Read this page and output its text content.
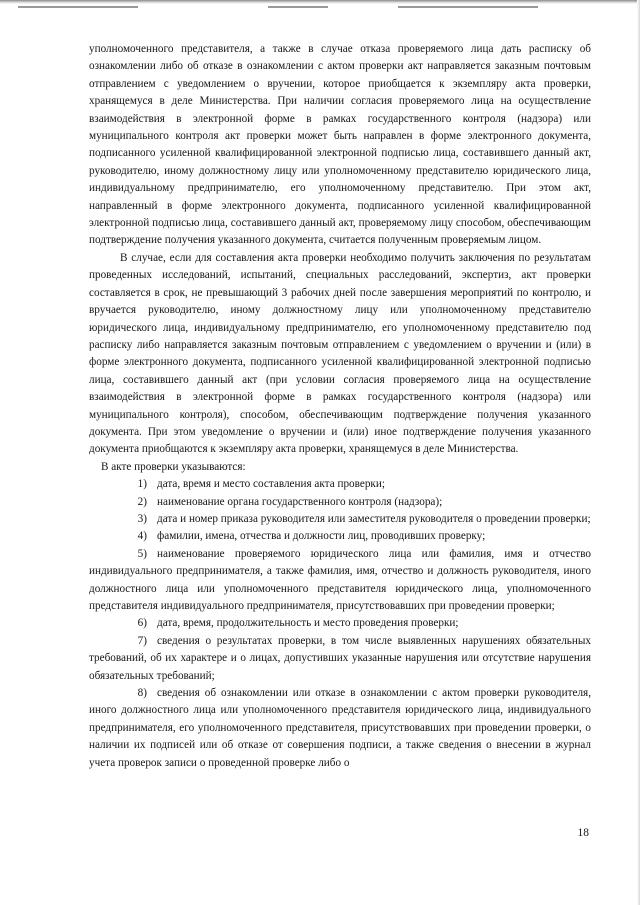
уполномоченного представителя, а также в случае отказа проверяемого лица дать расписку об ознакомлении либо об отказе в ознакомлении с актом проверки акт направляется заказным почтовым отправлением с уведомлением о вручении, которое приобщается к экземпляру акта проверки, хранящемуся в деле Министерства. При наличии согласия проверяемого лица на осуществление взаимодействия в электронной форме в рамках государственного контроля (надзора) или муниципального контроля акт проверки может быть направлен в форме электронного документа, подписанного усиленной квалифицированной электронной подписью лица, составившего данный акт, руководителю, иному должностному лицу или уполномоченному представителю юридического лица, индивидуальному предпринимателю, его уполномоченному представителю. При этом акт, направленный в форме электронного документа, подписанного усиленной квалифицированной электронной подписью лица, составившего данный акт, проверяемому лицу способом, обеспечивающим подтверждение получения указанного документа, считается полученным проверяемым лицом.

В случае, если для составления акта проверки необходимо получить заключения по результатам проведенных исследований, испытаний, специальных расследований, экспертиз, акт проверки составляется в срок, не превышающий 3 рабочих дней после завершения мероприятий по контролю, и вручается руководителю, иному должностному лицу или уполномоченному представителю юридического лица, индивидуальному предпринимателю, его уполномоченному представителю под расписку либо направляется заказным почтовым отправлением с уведомлением о вручении и (или) в форме электронного документа, подписанного усиленной квалифицированной электронной подписью лица, составившего данный акт (при условии согласия проверяемого лица на осуществление взаимодействия в электронной форме в рамках государственного контроля (надзора) или муниципального контроля), способом, обеспечивающим подтверждение получения указанного документа. При этом уведомление о вручении и (или) иное подтверждение получения указанного документа приобщаются к экземпляру акта проверки, хранящемуся в деле Министерства.

В акте проверки указываются:

1) дата, время и место составления акта проверки;
2) наименование органа государственного контроля (надзора);

3) дата и номер приказа руководителя или заместителя руководителя о проведении проверки;

4) фамилии, имена, отчества и должности лиц, проводивших проверку;

5) наименование проверяемого юридического лица или фамилия, имя и отчество индивидуального предпринимателя, а также фамилия, имя, отчество и должность руководителя, иного должностного лица или уполномоченного представителя юридического лица, уполномоченного представителя индивидуального предпринимателя, присутствовавших при проведении проверки;

6) дата, время, продолжительность и место проведения проверки;

7) сведения о результатах проверки, в том числе выявленных нарушениях обязательных требований, об их характере и о лицах, допустивших указанные нарушения или отсутствие нарушения обязательных требований;

8) сведения об ознакомлении или отказе в ознакомлении с актом проверки руководителя, иного должностного лица или уполномоченного представителя юридического лица, индивидуального предпринимателя, его уполномоченного представителя, присутствовавших при проведении проверки, о наличии их подписей или об отказе от совершения подписи, а также сведения о внесении в журнал учета проверок записи о проведенной проверке либо о

18
